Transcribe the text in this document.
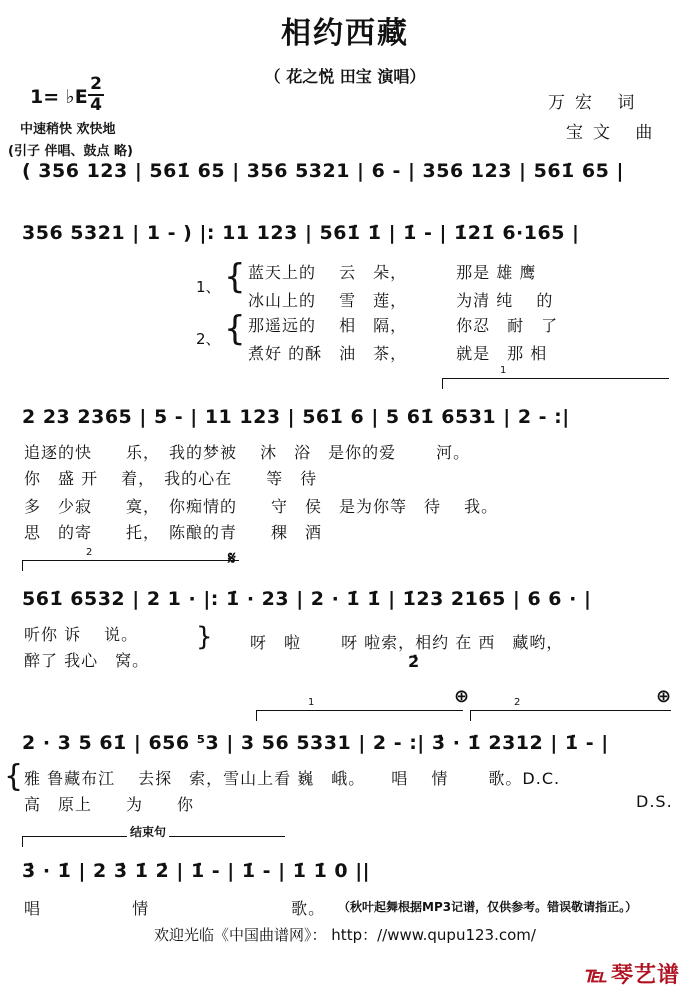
相约西藏
（ 花之悦 田宝 演唱）
1= ♭E
2
4
中速稍快 欢快地
(引子 伴唱、鼓点 略)
万宏 词
宝文 曲
( 356 123 | 561̇ 65 | 356 5321 | 6 - | 356 123 | 561̇ 65 |
356 5321 | 1 - ) |: 11 123 | 561̇ 1̇ | 1̇ - | 1̇21̇ 6·165 |
1、 { 蓝天上的　 云　朵，　　　 那是 雄 鹰
冰山上的　 雪　莲，　　　 为清 纯　 的
2、 { 那遥远的　 相　隔，　　　 你忍　耐　了
煮好 的酥　油　茶，　　　 就是　那 相
1
2 23 2365 | 5 - | 11 123 | 561̇ 6 | 5 61̇ 6531 | 2 - :|
追逐的快　　乐，　我的梦被　 沐　浴　是你的爱　　 河。
你　盛 开　 着，　我的心在　　等　待
多　少寂　　寞，　你痴情的　　守　侯　是为你等　待　 我。
思　的寄　　托，　陈酿的青　　稞　酒
2	𝄋
561̇ 6532 | 2 1 · |: 1̇ · 23 | 2 · 1̇ 1̇ | 1̇23 2165 | 6 6 · |
听你 诉　 说。
醉了 我心　窝。
} 呀　啦　　 呀 啦索，相约 在 西　藏哟，
2̇
⊕	⊕
1	2
2 · 3 5 61̇ | 656 ⁵3 | 3 56 5331 | 2 - :| 3̇ · 1̇ 2312 | 1̇ - |
{ 雅 鲁藏布江　 去探　索，雪山上看 巍　峨。　　唱　 情　　 歌。D.C.
高　原上　　为　　你	D.S.
结束句
3̇ · 1̇ | 2 3̇ 1̇ 2̇ | 1̇ - | 1̇ - | 1̇ 1̇ 0 ||
唱　　　　　 情　　　　　　　　 歌。 （秋叶起舞根据MP3记谱，仅供参考。错误敬请指正。）
欢迎光临《中国曲谱网》： http：//www.qupu123.com/
℡ 琴艺谱
